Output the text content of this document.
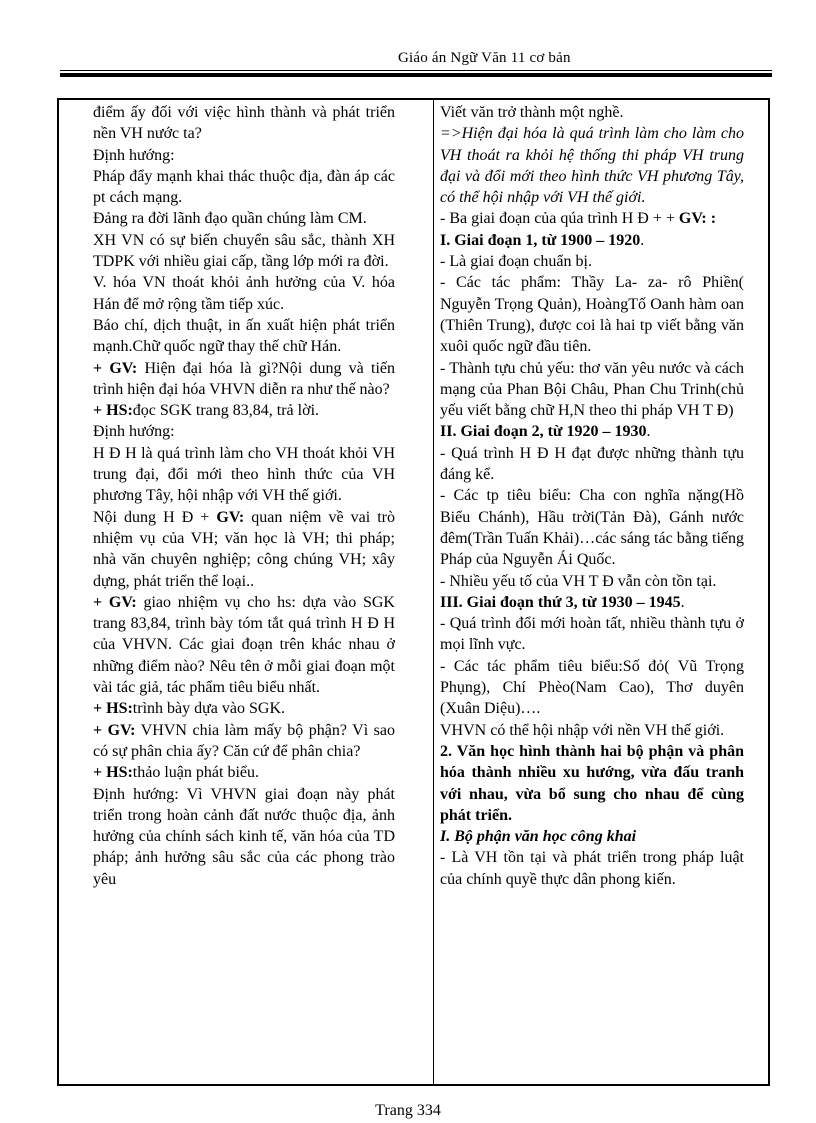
Giáo án Ngữ Văn 11 cơ bản

điểm ấy đối với việc hình thành và phát triển nền VH nước ta?

Định hướng:

Pháp đẩy mạnh khai thác thuộc địa, đàn áp các pt cách mạng.

Đảng ra đời lãnh đạo quần chúng làm CM.

XH VN có sự biến chuyển sâu sắc, thành XH TDPK với nhiều giai cấp, tầng lớp mới ra đời.

V. hóa VN thoát khỏi ảnh hưởng của V. hóa Hán để mở rộng tầm tiếp xúc.

Báo chí, dịch thuật, in ấn xuất hiện phát triển mạnh.Chữ quốc ngữ thay thế chữ Hán.

+ GV: Hiện đại hóa là gì?Nội dung và tiến trình hiện đại hóa VHVN diễn ra như thế nào?

+ HS:đọc SGK trang 83,84, trả lời.

Định hướng:

H Đ H là quá trình làm cho VH thoát khỏi VH trung đại, đổi mới theo hình thức của VH phương Tây, hội nhập với VH thế giới.

Nội dung H Đ + GV: quan niệm về vai trò nhiệm vụ của VH; văn học là VH; thi pháp; nhà văn chuyên nghiệp; công chúng VH; xây dựng, phát triển thể loại..

+ GV: giao nhiệm vụ cho hs: dựa vào SGK trang 83,84, trình bày tóm tắt quá trình H Đ H của VHVN. Các giai đoạn trên khác nhau ở những điểm nào? Nêu tên ở mỗi giai đoạn một vài tác giả, tác phẩm tiêu biểu nhất.

+ HS:trình bày dựa vào SGK.

+ GV: VHVN chia làm mấy bộ phận? Vì sao có sự phân chia ấy? Căn cứ để phân chia?

+ HS:thảo luận phát biểu.

Định hướng: Vì VHVN giai đoạn này phát triển trong hoàn cảnh đất nước thuộc địa, ảnh hưởng của chính sách kinh tế, văn hóa của TD pháp; ảnh hưởng sâu sắc của các phong trào yêu

Viết văn trở thành một nghề.

=>Hiện đại hóa là quá trình làm cho làm cho VH thoát ra khỏi hệ thống thi pháp VH trung đại và đổi mới theo hình thức VH phương Tây, có thể hội nhập với VH thế giới.

- Ba giai đoạn của qúa trình H Đ + + GV: :

I. Giai đoạn 1, từ 1900 – 1920.

- Là giai đoạn chuẩn bị.

- Các tác phẩm: Thầy La- za- rô Phiền( Nguyễn Trọng Quản), HoàngTố Oanh hàm oan (Thiên Trung), được coi là hai tp viết bằng văn xuôi quốc ngữ đầu tiên.

- Thành tựu chủ yếu: thơ văn yêu nước và cách mạng của Phan Bội Châu, Phan Chu Trinh(chủ yếu viết bằng chữ H,N theo thi pháp VH T Đ)

II. Giai đoạn 2, từ 1920 – 1930.

- Quá trình H Đ H đạt được những thành tựu đáng kể.

- Các tp tiêu biểu: Cha con nghĩa nặng(Hồ Biểu Chánh), Hầu trời(Tản Đà), Gánh nước đêm(Trần Tuấn Khải)…các sáng tác bằng tiếng Pháp của Nguyễn Ái Quốc.

- Nhiều yếu tố của VH T Đ vẫn còn tồn tại.

III. Giai đoạn thứ 3, từ 1930 – 1945.

- Quá trình đổi mới hoàn tất, nhiều thành tựu ở mọi lĩnh vực.

- Các tác phẩm tiêu biểu:Số đỏ( Vũ Trọng Phụng), Chí Phèo(Nam Cao), Thơ duyên (Xuân Diệu)….

VHVN có thể hội nhập với nền VH thế giới.

2. Văn học hình thành hai bộ phận và phân hóa thành nhiều xu hướng, vừa đấu tranh với nhau, vừa bổ sung cho nhau để cùng phát triển.

I. Bộ phận văn học công khai

- Là VH tồn tại và phát triển trong pháp luật của chính quyề thực dân phong kiến.

Trang 334
